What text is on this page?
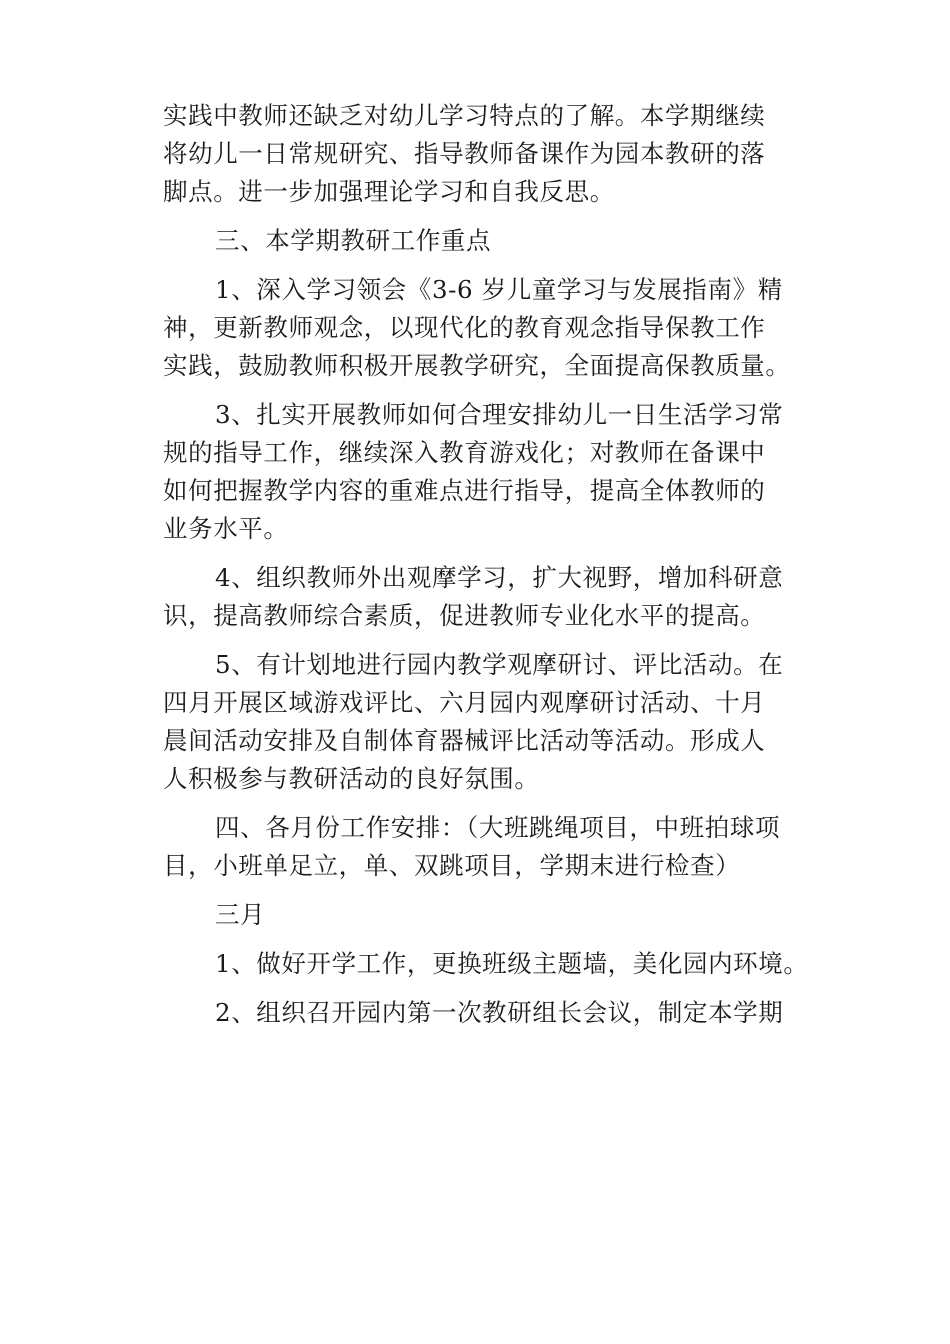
实践中教师还缺乏对幼儿学习特点的了解。本学期继续
将幼儿一日常规研究、指导教师备课作为园本教研的落
脚点。进一步加强理论学习和自我反思。
三、本学期教研工作重点
1、深入学习领会《3-6 岁儿童学习与发展指南》精
神，更新教师观念，以现代化的教育观念指导保教工作
实践，鼓励教师积极开展教学研究，全面提高保教质量。
3、扎实开展教师如何合理安排幼儿一日生活学习常
规的指导工作，继续深入教育游戏化；对教师在备课中
如何把握教学内容的重难点进行指导，提高全体教师的
业务水平。
4、组织教师外出观摩学习，扩大视野，增加科研意
识，提高教师综合素质，促进教师专业化水平的提高。
5、有计划地进行园内教学观摩研讨、评比活动。在
四月开展区域游戏评比、六月园内观摩研讨活动、十月
晨间活动安排及自制体育器械评比活动等活动。形成人
人积极参与教研活动的良好氛围。
四、各月份工作安排：（大班跳绳项目，中班拍球项
目，小班单足立，单、双跳项目，学期末进行检查）
三月
1、做好开学工作，更换班级主题墙，美化园内环境。
2、组织召开园内第一次教研组长会议，制定本学期
